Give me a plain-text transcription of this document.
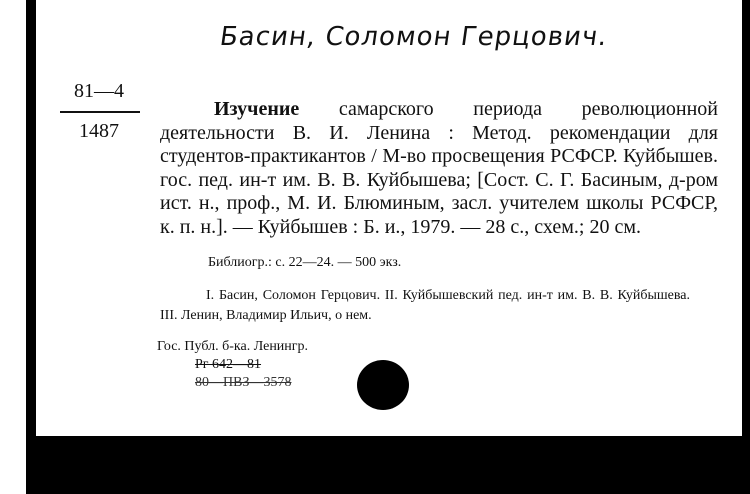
Басин, Соломон Герцович.
81—4
1487
Изучение самарского периода революционной деятельности В. И. Ленина : Метод. рекомендации для студентов-практикантов / М-во просвещения РСФСР. Куйбышев. гос. пед. ин-т им. В. В. Куйбышева; [Сост. С. Г. Басиным, д-ром ист. н., проф., М. И. Блюминым, засл. учителем школы РСФСР, к. п. н.]. — Куйбышев : Б. и., 1979. — 28 с., схем.; 20 см.
Библиогр.: с. 22—24. — 500 экз.
I. Басин, Соломон Герцович. II. Куйбышевский пед. ин-т им. В. В. Куйбышева. III. Ленин, Владимир Ильич, о нем.
Гос. Публ. б-ка. Ленингр.
Рг 642—81
80—ПВЗ—3578
